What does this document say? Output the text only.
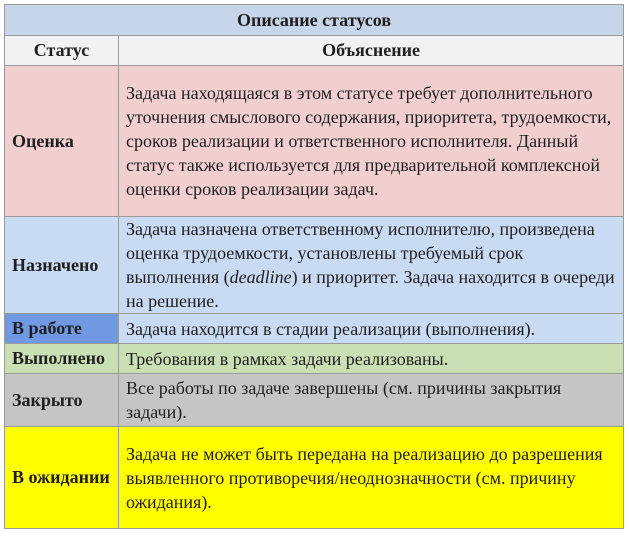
Описание статусов	
Статус	Объяснение
Оценка	Задача находящаяся в этом статусе требует дополнительного уточнения смыслового содержания, приоритета, трудоемкости, сроков реализации и ответственного исполнителя. Данный статус также используется для предварительной комплексной оценки сроков реализации задач.
Назначено	Задача назначена ответственному исполнителю, произведена оценка трудоемкости, установлены требуемый срок выполнения (deadline) и приоритет. Задача находится в очереди на решение.
В работе	Задача находится в стадии реализации (выполнения).
Выполнено	Требования в рамках задачи реализованы.
Закрыто	Все работы по задаче завершены (см. причины закрытия задачи).
В ожидании	Задача не может быть передана на реализацию до разрешения выявленного противоречия/неоднозначности (см. причину ожидания).
